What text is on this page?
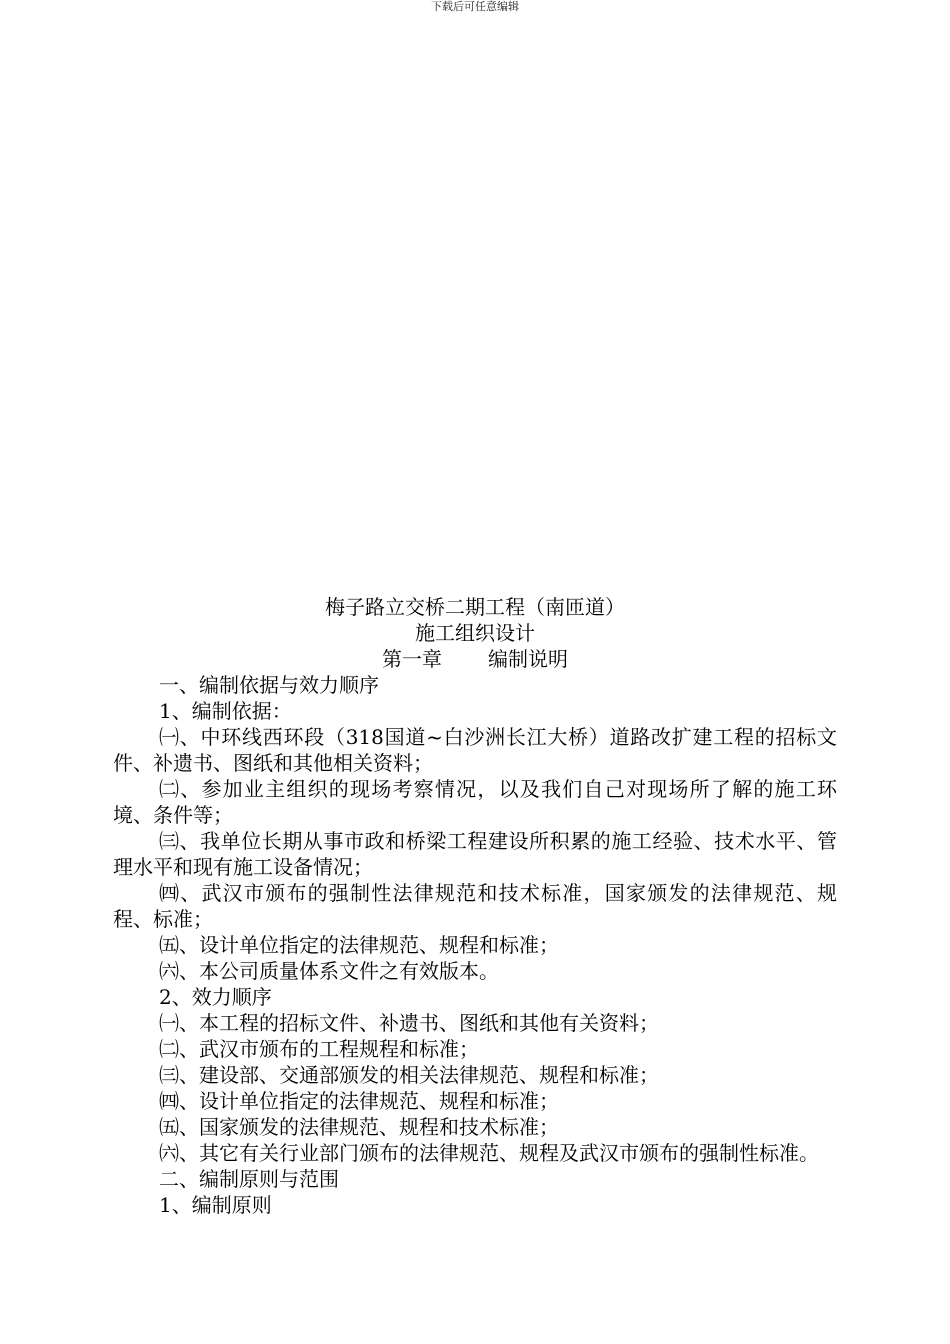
下载后可任意编辑
梅子路立交桥二期工程（南匝道）
施工组织设计
第一章 编制说明
一、编制依据与效力顺序
1、编制依据：
㈠、中环线西环段（318国道~白沙洲长江大桥）道路改扩建工程的招标文件、补遗书、图纸和其他相关资料；
㈡、参加业主组织的现场考察情况，以及我们自己对现场所了解的施工环境、条件等；
㈢、我单位长期从事市政和桥梁工程建设所积累的施工经验、技术水平、管理水平和现有施工设备情况；
㈣、武汉市颁布的强制性法律规范和技术标准，国家颁发的法律规范、规程、标准；
㈤、设计单位指定的法律规范、规程和标准；
㈥、本公司质量体系文件之有效版本。
2、效力顺序
㈠、本工程的招标文件、补遗书、图纸和其他有关资料；
㈡、武汉市颁布的工程规程和标准；
㈢、建设部、交通部颁发的相关法律规范、规程和标准；
㈣、设计单位指定的法律规范、规程和标准；
㈤、国家颁发的法律规范、规程和技术标准；
㈥、其它有关行业部门颁布的法律规范、规程及武汉市颁布的强制性标准。
二、编制原则与范围
1、编制原则
